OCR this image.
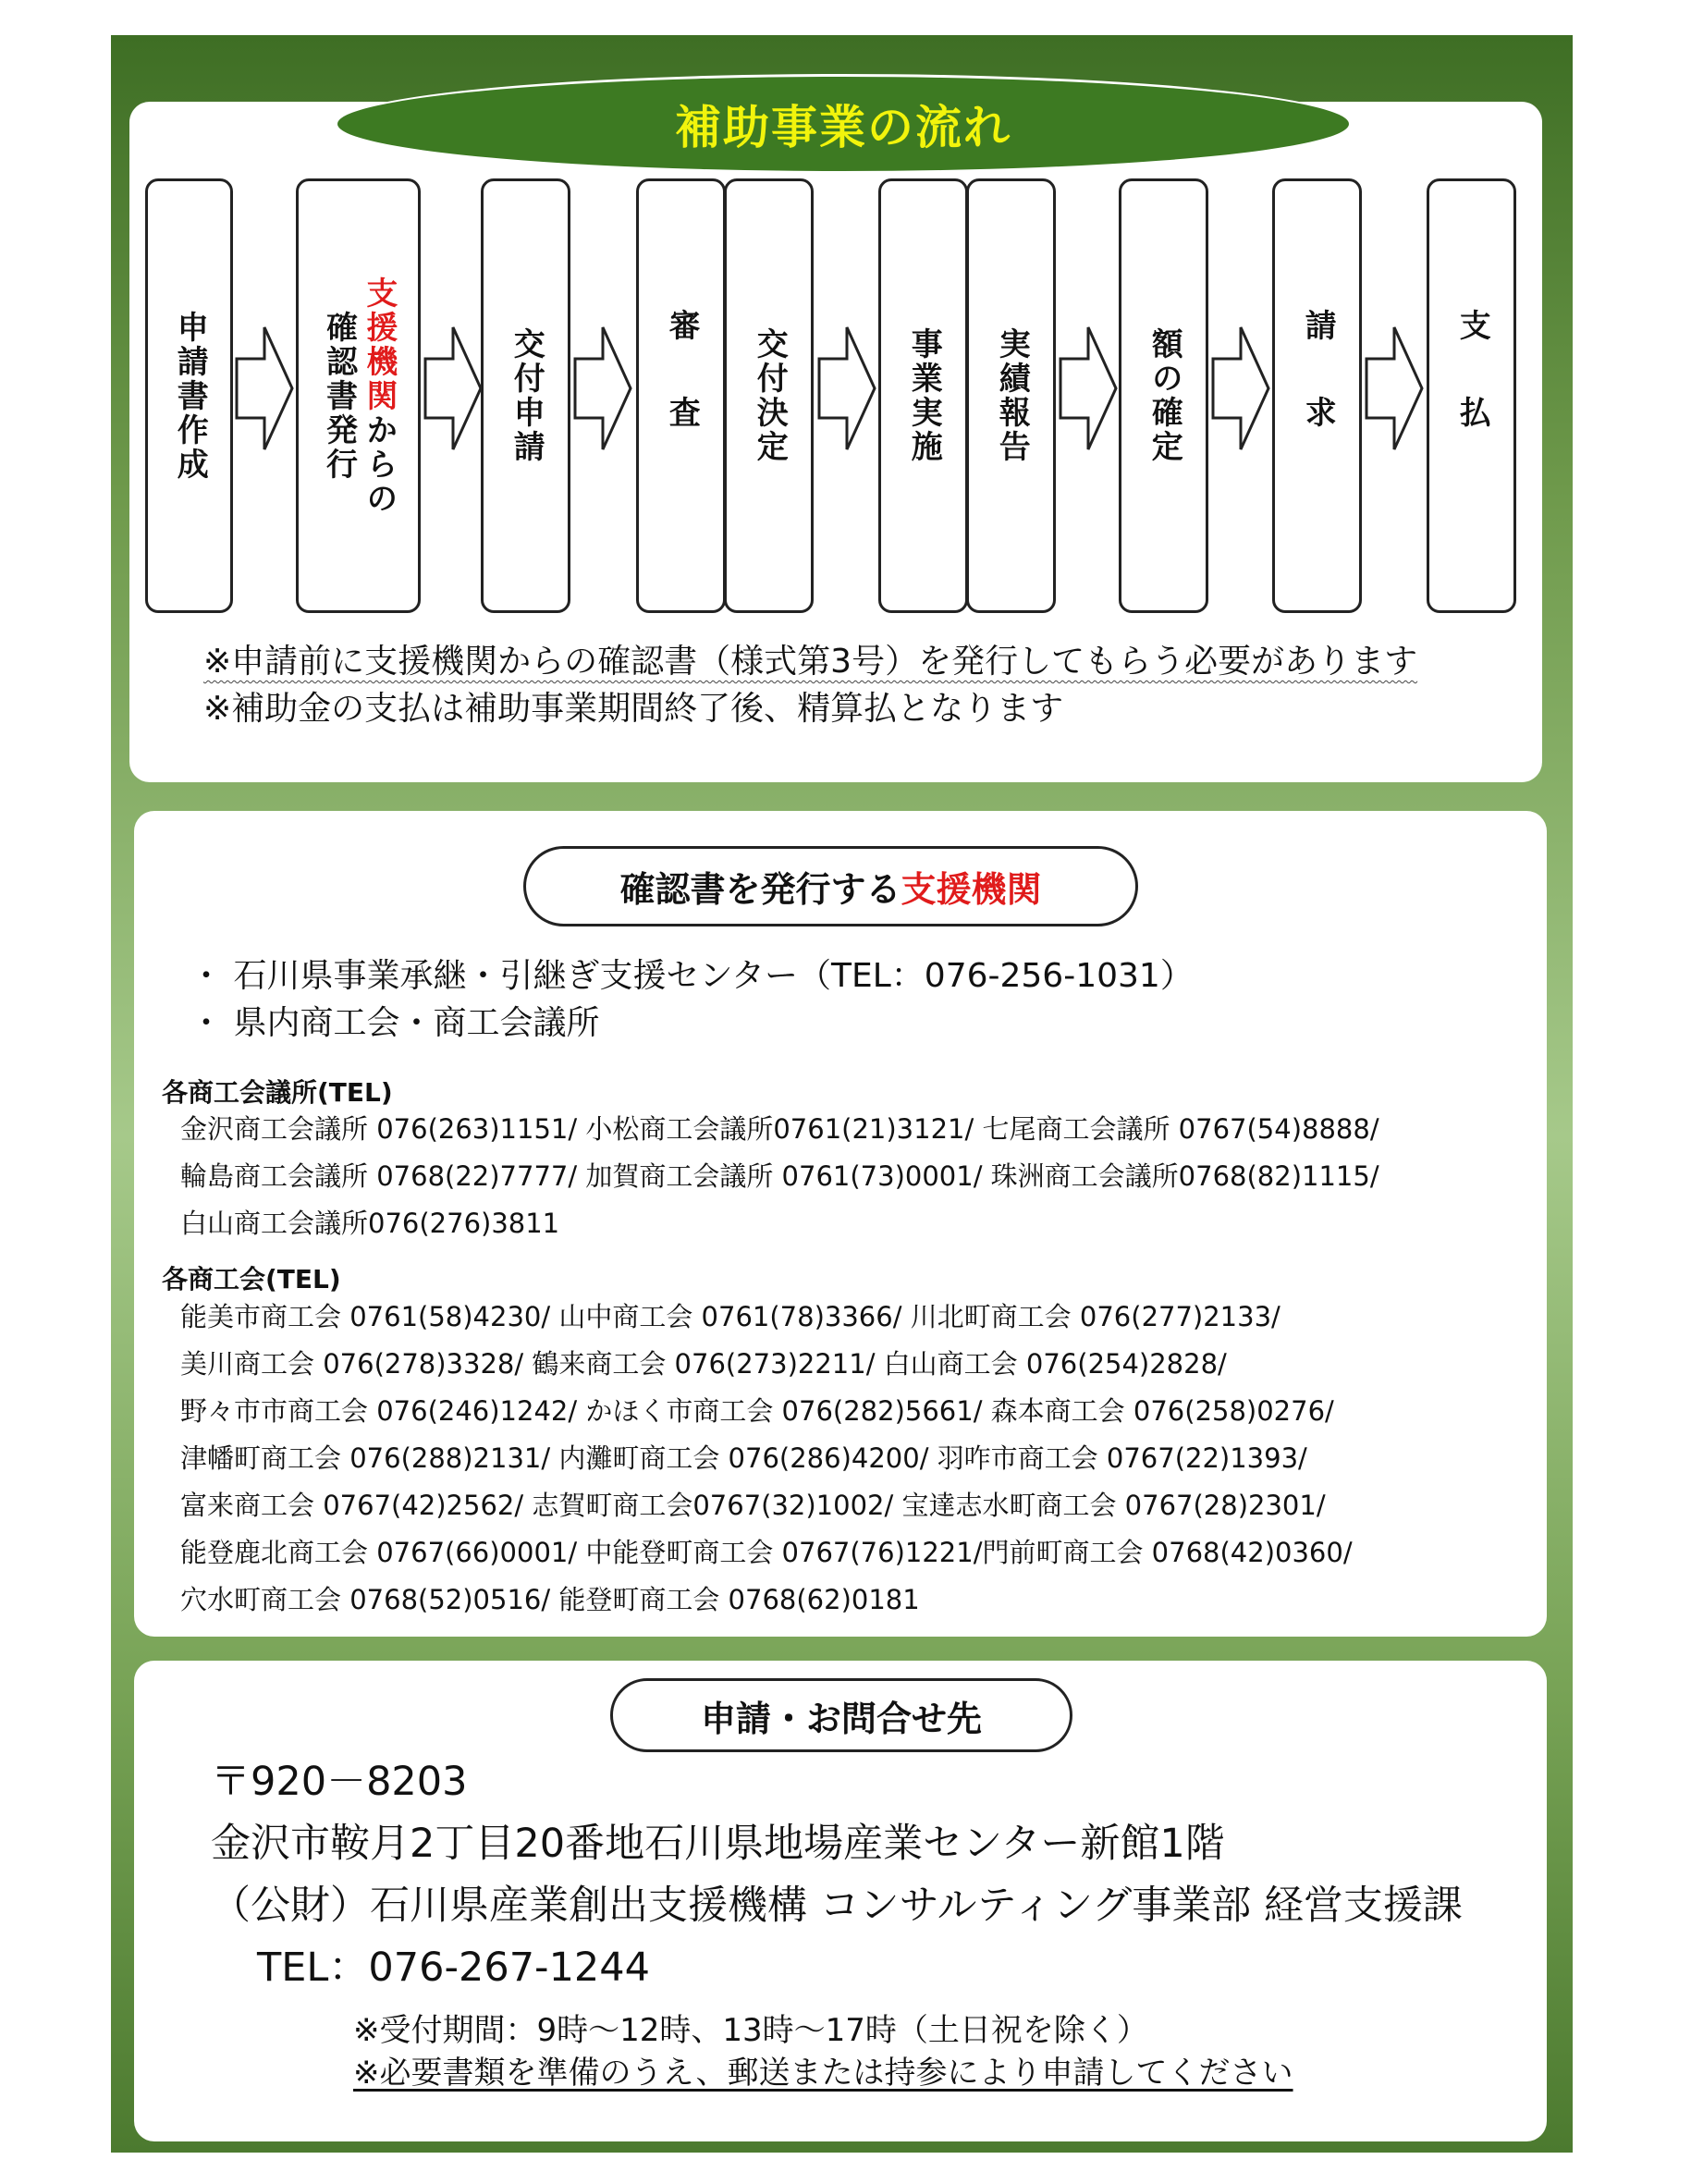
補助事業の流れ
申請書作成	支援機関からの
確認書発行	交付申請	審査 交付決定	事業実施 実績報告	額の確定	請求	支払
※申請前に支援機関からの確認書（様式第3号）を発行してもらう必要があります
※補助金の支払は補助事業期間終了後、精算払となります
確認書を発行する 支援機関
・ 石川県事業承継・引継ぎ支援センター（TEL：076-256-1031）
・ 県内商工会・商工会議所
各商工会議所(TEL)
金沢商工会議所 076(263)1151/ 小松商工会議所0761(21)3121/ 七尾商工会議所 0767(54)8888/
輪島商工会議所 0768(22)7777/ 加賀商工会議所 0761(73)0001/ 珠洲商工会議所0768(82)1115/
白山商工会議所076(276)3811
各商工会(TEL)
能美市商工会 0761(58)4230/ 山中商工会 0761(78)3366/ 川北町商工会 076(277)2133/
美川商工会 076(278)3328/ 鶴来商工会 076(273)2211/ 白山商工会 076(254)2828/
野々市市商工会 076(246)1242/ かほく市商工会 076(282)5661/ 森本商工会 076(258)0276/
津幡町商工会 076(288)2131/ 内灘町商工会 076(286)4200/ 羽咋市商工会 0767(22)1393/
富来商工会 0767(42)2562/ 志賀町商工会0767(32)1002/ 宝達志水町商工会 0767(28)2301/
能登鹿北商工会 0767(66)0001/ 中能登町商工会 0767(76)1221/門前町商工会 0768(42)0360/
穴水町商工会 0768(52)0516/ 能登町商工会 0768(62)0181
申請・お問合せ先
〒920－8203
金沢市鞍月2丁目20番地石川県地場産業センター新館1階
（公財）石川県産業創出支援機構 コンサルティング事業部 経営支援課
TEL：076-267-1244
※受付期間：9時～12時、13時～17時（土日祝を除く）
※必要書類を準備のうえ、郵送または持参により申請してください
